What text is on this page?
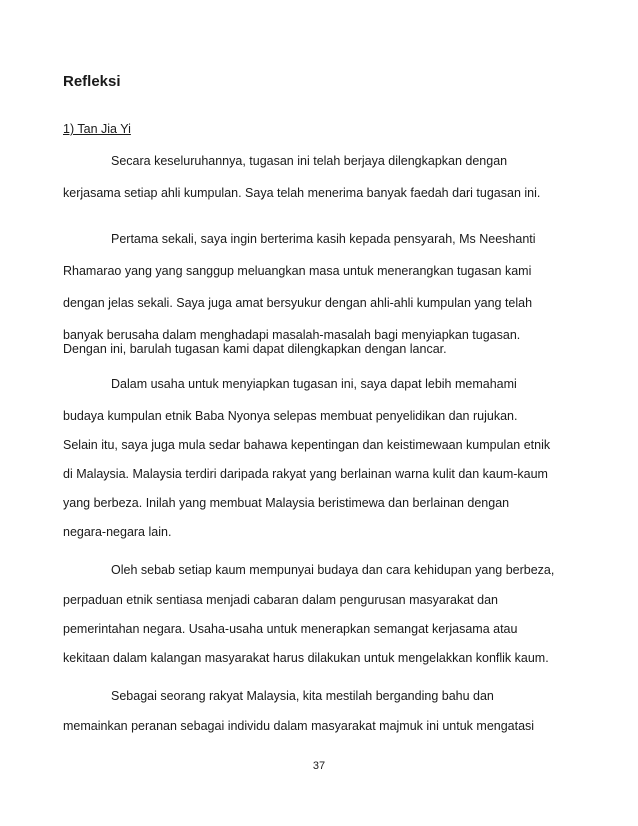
Refleksi

1) Tan Jia Yi

Secara keseluruhannya, tugasan ini telah berjaya dilengkapkan dengan

kerjasama setiap ahli kumpulan. Saya telah menerima banyak faedah dari tugasan ini.

Pertama sekali, saya ingin berterima kasih kepada pensyarah, Ms Neeshanti

Rhamarao yang yang sanggup meluangkan masa untuk menerangkan tugasan kami

dengan jelas sekali. Saya juga amat bersyukur dengan ahli-ahli kumpulan yang telah

banyak berusaha dalam menghadapi masalah-masalah bagi menyiapkan tugasan.

Dengan ini, barulah tugasan kami dapat dilengkapkan dengan lancar.

Dalam usaha untuk menyiapkan tugasan ini, saya dapat lebih memahami

budaya kumpulan etnik Baba Nyonya selepas membuat penyelidikan dan rujukan.

Selain itu, saya juga mula sedar bahawa kepentingan dan keistimewaan kumpulan etnik

di Malaysia. Malaysia terdiri daripada rakyat yang berlainan warna kulit dan kaum-kaum

yang berbeza. Inilah yang membuat Malaysia beristimewa dan berlainan dengan

negara-negara lain.

Oleh sebab setiap kaum mempunyai budaya dan cara kehidupan yang berbeza,

perpaduan etnik sentiasa menjadi cabaran dalam pengurusan masyarakat dan

pemerintahan negara. Usaha-usaha untuk menerapkan semangat kerjasama atau

kekitaan dalam kalangan masyarakat harus dilakukan untuk mengelakkan konflik kaum.

Sebagai seorang rakyat Malaysia, kita mestilah berganding bahu dan

memainkan peranan sebagai individu dalam masyarakat majmuk ini untuk mengatasi

37
